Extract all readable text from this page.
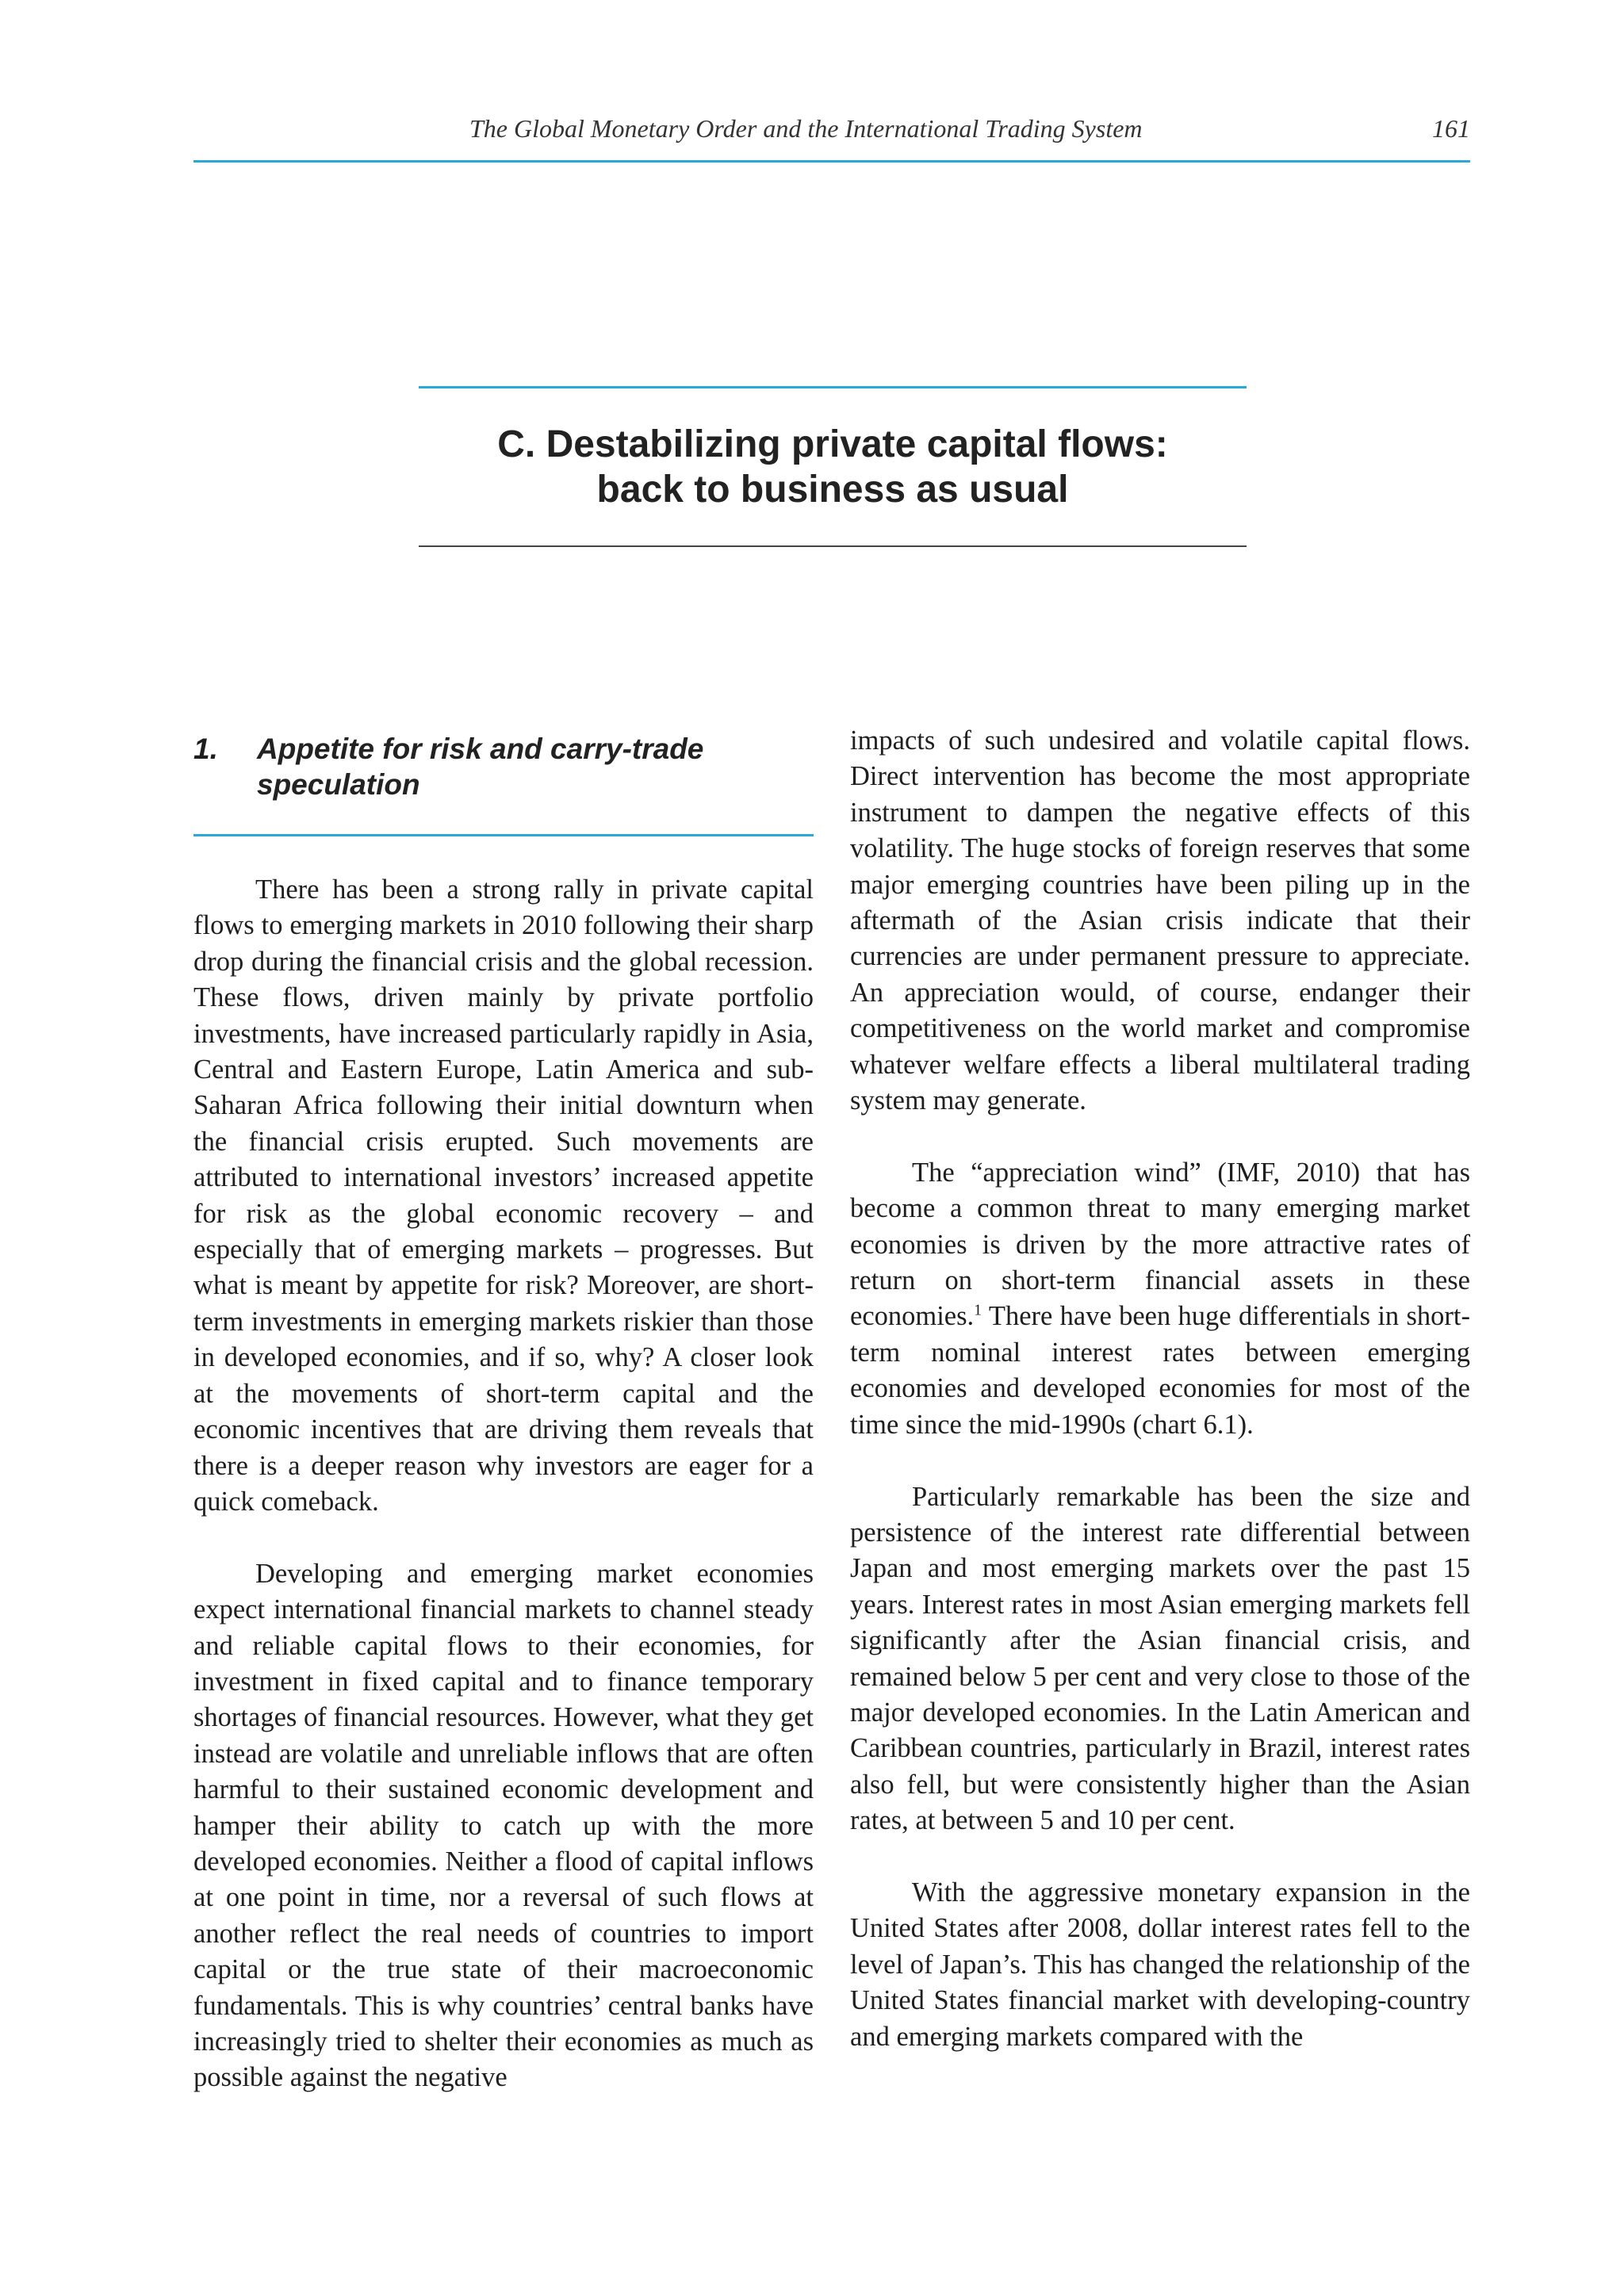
The Global Monetary Order and the International Trading System	161
C. Destabilizing private capital flows:
back to business as usual
1. Appetite for risk and carry-trade speculation

There has been a strong rally in private capital flows to emerging markets in 2010 following their sharp drop during the financial crisis and the global recession. These flows, driven mainly by private portfolio investments, have increased particularly rapidly in Asia, Central and Eastern Europe, Latin America and sub-Saharan Africa following their initial downturn when the financial crisis erupted. Such movements are attributed to international investors’ increased appetite for risk as the global economic recovery – and especially that of emerging markets – progresses. But what is meant by appetite for risk? Moreover, are short-term investments in emerging markets riskier than those in developed economies, and if so, why? A closer look at the movements of short-term capital and the economic incentives that are driving them reveals that there is a deeper reason why investors are eager for a quick comeback.

Developing and emerging market economies expect international financial markets to channel steady and reliable capital flows to their economies, for investment in fixed capital and to finance temporary shortages of financial resources. However, what they get instead are volatile and unreliable inflows that are often harmful to their sustained economic development and hamper their ability to catch up with the more developed economies. Neither a flood of capital inflows at one point in time, nor a reversal of such flows at another reflect the real needs of countries to import capital or the true state of their macroeconomic fundamentals. This is why countries’ central banks have increasingly tried to shelter their economies as much as possible against the negative

impacts of such undesired and volatile capital flows. Direct intervention has become the most appropriate instrument to dampen the negative effects of this volatility. The huge stocks of foreign reserves that some major emerging countries have been piling up in the aftermath of the Asian crisis indicate that their currencies are under permanent pressure to appreciate. An appreciation would, of course, endanger their competitiveness on the world market and compromise whatever welfare effects a liberal multilateral trading system may generate.

The “appreciation wind” (IMF, 2010) that has become a common threat to many emerging market economies is driven by the more attractive rates of return on short-term financial assets in these economies.$^1$ There have been huge differentials in short-term nominal interest rates between emerging economies and developed economies for most of the time since the mid-1990s (chart 6.1).

Particularly remarkable has been the size and persistence of the interest rate differential between Japan and most emerging markets over the past 15 years. Interest rates in most Asian emerging markets fell significantly after the Asian financial crisis, and remained below 5 per cent and very close to those of the major developed economies. In the Latin American and Caribbean countries, particularly in Brazil, interest rates also fell, but were consistently higher than the Asian rates, at between 5 and 10 per cent.

With the aggressive monetary expansion in the United States after 2008, dollar interest rates fell to the level of Japan’s. This has changed the relationship of the United States financial market with developing-country and emerging markets compared with the
